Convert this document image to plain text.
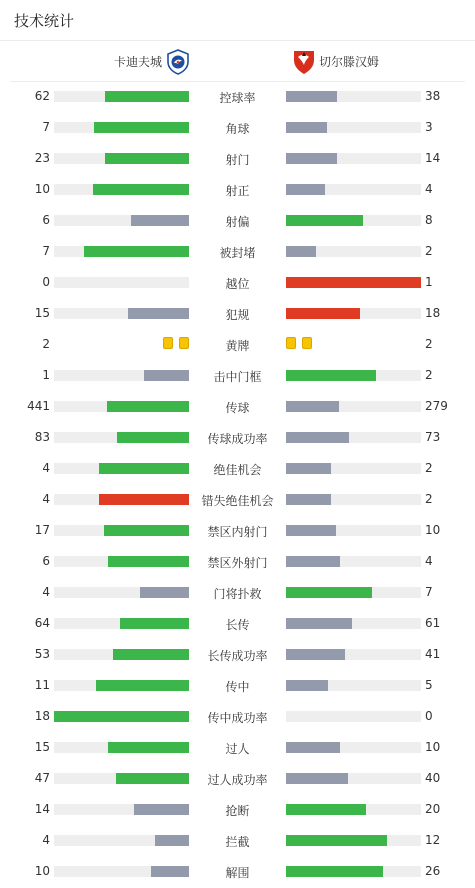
技术统计
卡迪夫城	切尔滕汉姆
62	控球率	38
7	角球	3
23	射门	14
10	射正	4
6	射偏	8
7	被封堵	2
0	越位	1
15	犯规	18
2	黄牌	2
1	击中门框	2
441	传球	279
83	传球成功率	73
4	绝佳机会	2
4	错失绝佳机会	2
17	禁区内射门	10
6	禁区外射门	4
4	门将扑救	7
64	长传	61
53	长传成功率	41
11	传中	5
18	传中成功率	0
15	过人	10
47	过人成功率	40
14	抢断	20
4	拦截	12
10	解围	26
